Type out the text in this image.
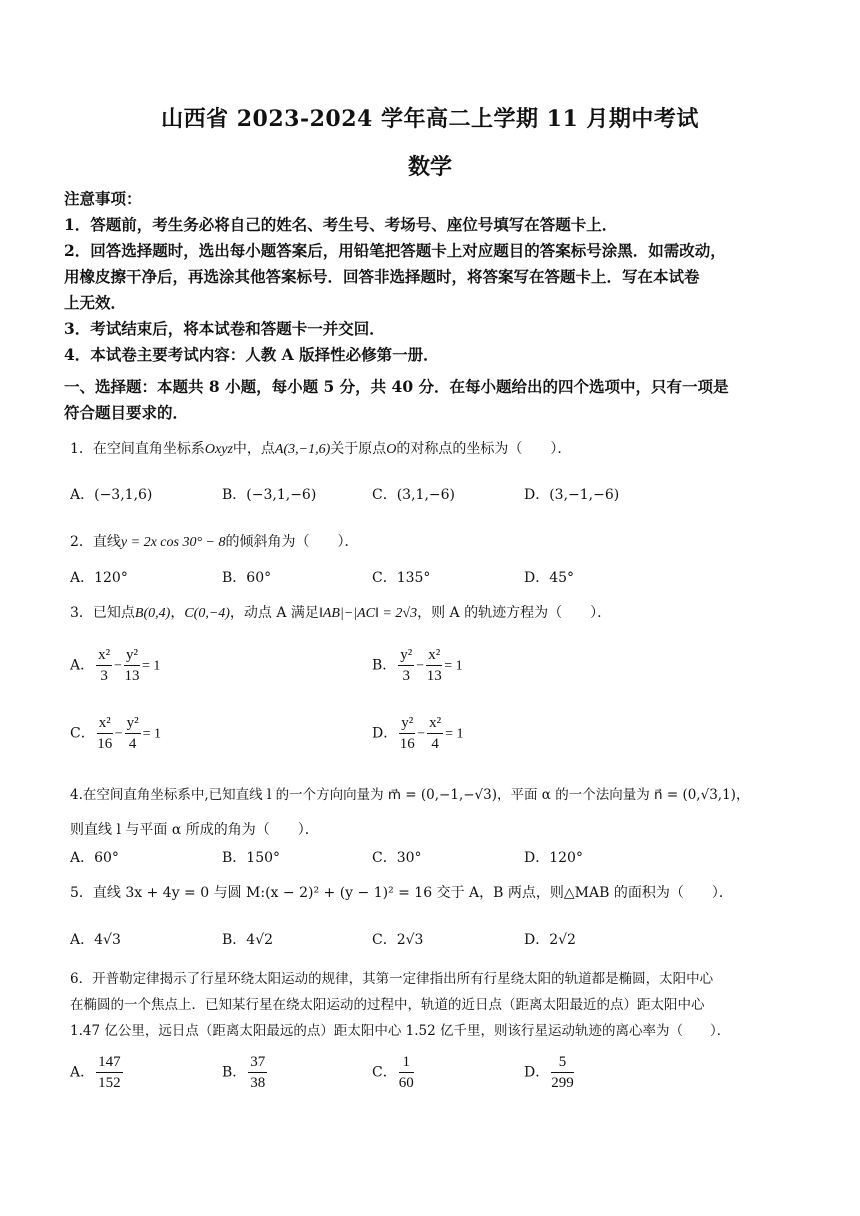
山西省 2023-2024 学年高二上学期 11 月期中考试
数学
注意事项：
1．答题前，考生务必将自己的姓名、考生号、考场号、座位号填写在答题卡上．
2．回答选择题时，选出每小题答案后，用铅笔把答题卡上对应题目的答案标号涂黑．如需改动，
用橡皮擦干净后，再选涂其他答案标号．回答非选择题时，将答案写在答题卡上．写在本试卷
上无效．
3．考试结束后，将本试卷和答题卡一并交回．
4．本试卷主要考试内容：人教 A 版择性必修第一册．
一、选择题：本题共 8 小题，每小题 5 分，共 40 分．在每小题给出的四个选项中，只有一项是
符合题目要求的．
1．在空间直角坐标系Oxyz中，点A(3,−1,6)关于原点O的对称点的坐标为（　　）．
A．(−3,1,6)	B．(−3,1,−6)	C．(3,1,−6)	D．(3,−1,−6)
2．直线y = 2x cos 30° − 8的倾斜角为（　　）．
A．120°	B．60°	C．135°	D．45°
3．已知点B(0,4)，C(0,−4)，动点 A 满足‖AB|−|AC‖ = 2√3，则 A 的轨迹方程为（　　）．
A． $\frac{\text{x²}}{3} - \frac{\text{y²}}{13} = 1$	B． $\frac{\text{y²}}{3} - \frac{\text{x²}}{13} = 1$
C． $\frac{\text{x²}}{16} - \frac{\text{y²}}{4} = 1$	D． $\frac{\text{y²}}{16} - \frac{\text{x²}}{4} = 1$
4.在空间直角坐标系中,已知直线 l 的一个方向向量为 m⃗ = (0,−1,−√3)，平面 α 的一个法向量为 n⃗ = (0,√3,1)，
则直线 l 与平面 α 所成的角为（　　）．
A．60°	B．150°	C．30°	D．120°
5．直线 3x + 4y = 0 与圆 M:(x − 2)² + (y − 1)² = 16 交于 A，B 两点，则△MAB 的面积为（　　）．
A．4√3	B．4√2	C．2√3	D．2√2
6．开普勒定律揭示了行星环绕太阳运动的规律，其第一定律指出所有行星绕太阳的轨道都是椭圆，太阳中心
在椭圆的一个焦点上．已知某行星在绕太阳运动的过程中，轨道的近日点（距离太阳最近的点）距太阳中心
1.47 亿公里，远日点（距离太阳最远的点）距太阳中心 1.52 亿千里，则该行星运动轨迹的离心率为（　　）．
A． $\frac{147}{152}$	B． $\frac{37}{38}$	C． $\frac{1}{60}$	D． $\frac{5}{299}$
